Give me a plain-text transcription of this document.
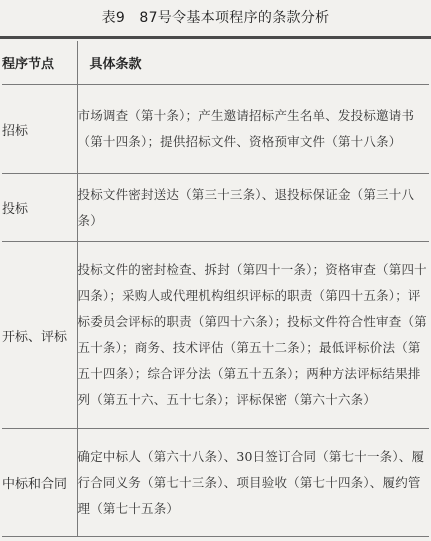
表9　87号令基本项程序的条款分析
程序节点	具体条款
招标	市场调查（第十条）；产生邀请招标产生名单、发投标邀请书（第十四条）；提供招标文件、资格预审文件（第十八条）
投标	投标文件密封送达（第三十三条）、退投标保证金（第三十八条）
开标、评标	投标文件的密封检查、拆封（第四十一条）；资格审查（第四十四条）；采购人或代理机构组织评标的职责（第四十五条）；评标委员会评标的职责（第四十六条）；投标文件符合性审查（第五十条）；商务、技术评估（第五十二条）；最低评标价法（第五十四条）；综合评分法（第五十五条）；两种方法评标结果排列（第五十六、五十七条）；评标保密（第六十六条）
中标和合同	确定中标人（第六十八条）、30日签订合同（第七十一条）、履行合同义务（第七十三条）、项目验收（第七十四条）、履约管理（第七十五条）
